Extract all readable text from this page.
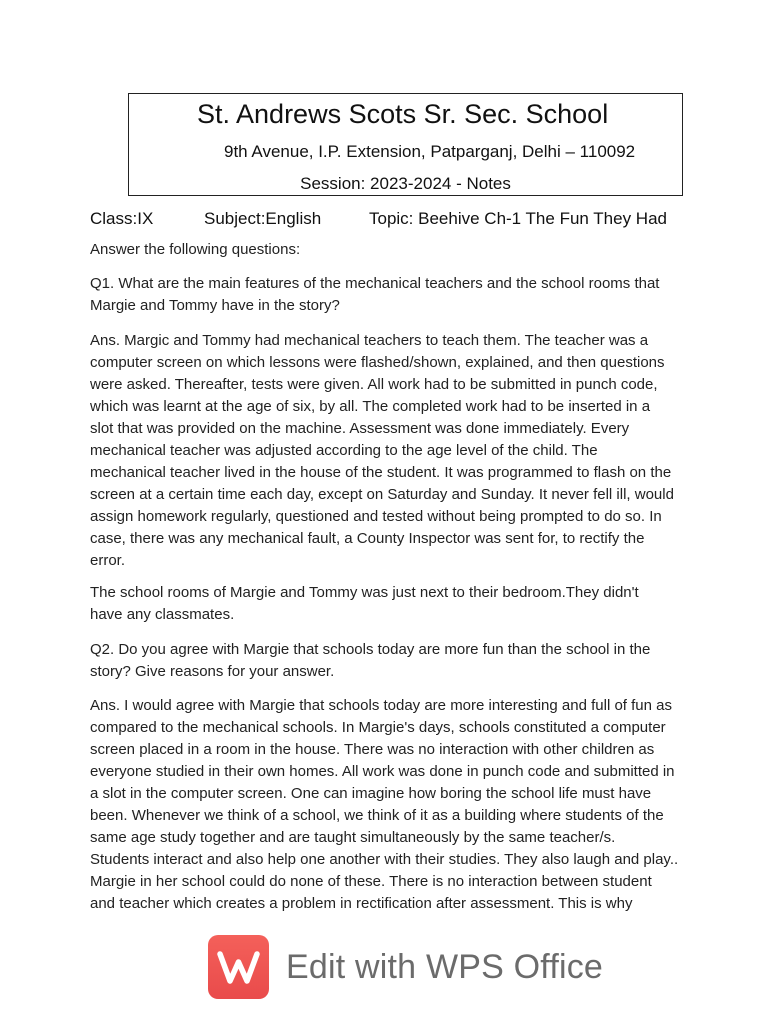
St. Andrews Scots Sr. Sec. School
9th Avenue, I.P. Extension, Patparganj, Delhi – 110092
Session: 2023-2024 - Notes
Class:IX	Subject:English	Topic: Beehive Ch-1 The Fun They Had
Answer the following questions:
Q1. What are the main features of the mechanical teachers and the school rooms that
Margie and Tommy have in the story?
Ans. Margic and Tommy had mechanical teachers to teach them. The teacher was a
computer screen on which lessons were flashed/shown, explained, and then questions
were asked. Thereafter, tests were given. All work had to be submitted in punch code,
which was learnt at the age of six, by all. The completed work had to be inserted in a
slot that was provided on the machine. Assessment was done immediately. Every
mechanical teacher was adjusted according to the age level of the child. The
mechanical teacher lived in the house of the student. It was programmed to flash on the
screen at a certain time each day, except on Saturday and Sunday. It never fell ill, would
assign homework regularly, questioned and tested without being prompted to do so. In
case, there was any mechanical fault, a County Inspector was sent for, to rectify the
error.
The school rooms of Margie and Tommy was just next to their bedroom.They didn't
have any classmates.
Q2. Do you agree with Margie that schools today are more fun than the school in the
story? Give reasons for your answer.
Ans. I would agree with Margie that schools today are more interesting and full of fun as
compared to the mechanical schools. In Margie's days, schools constituted a computer
screen placed in a room in the house. There was no interaction with other children as
everyone studied in their own homes. All work was done in punch code and submitted in
a slot in the computer screen. One can imagine how boring the school life must have
been. Whenever we think of a school, we think of it as a building where students of the
same age study together and are taught simultaneously by the same teacher/s.
Students interact and also help one another with their studies. They also laugh and play..
Margie in her school could do none of these. There is no interaction between student
and teacher which creates a problem in rectification after assessment. This is why
Edit with WPS Office
